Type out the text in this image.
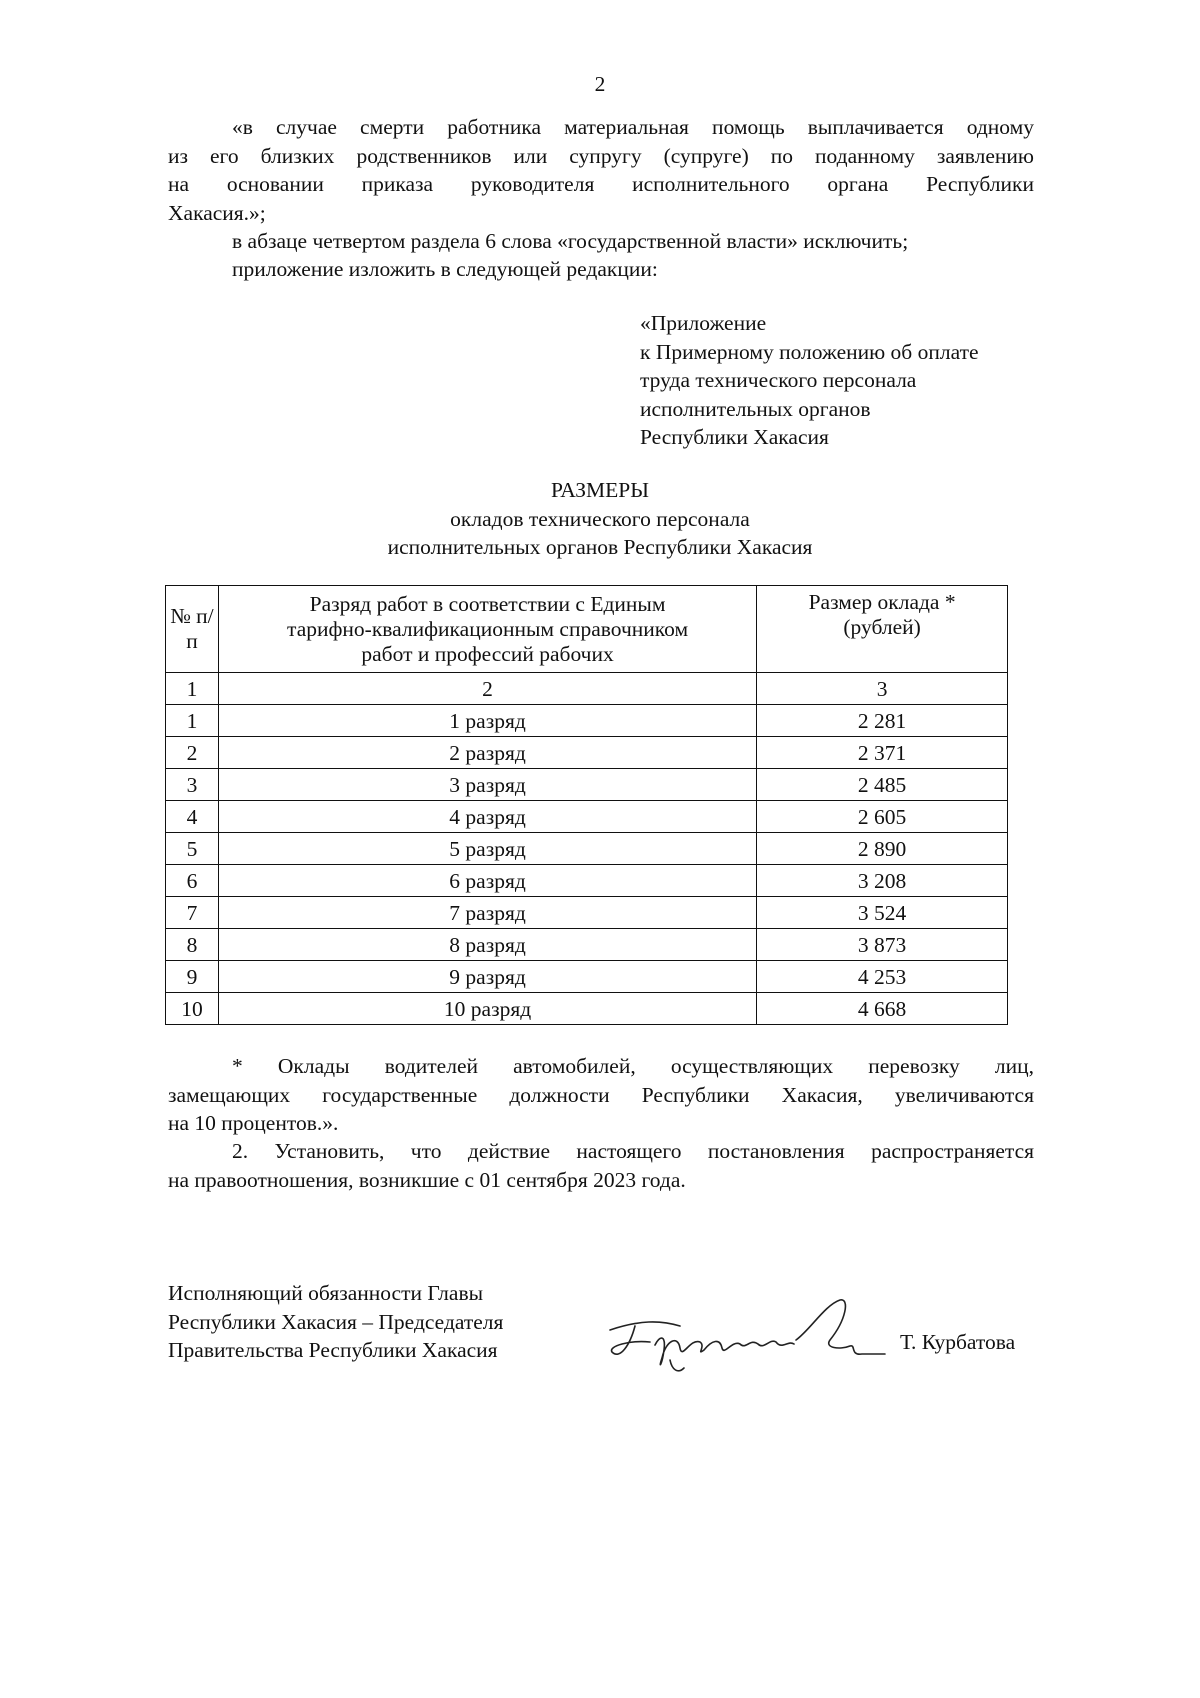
2
«в случае смерти работника материальная помощь выплачивается одному
из его близких родственников или супругу (супруге) по поданному заявлению
на основании приказа руководителя исполнительного органа Республики
Хакасия.»;
в абзаце четвертом раздела 6 слова «государственной власти» исключить;
приложение изложить в следующей редакции:
«Приложение
к Примерному положению об оплате
труда технического персонала
исполнительных органов
Республики Хакасия
РАЗМЕРЫ
окладов технического персонала
исполнительных органов Республики Хакасия
№ п/п	Разряд работ в соответствии с Единым тарифно-квалификационным справочником работ и профессий рабочих	Размер оклада * (рублей)
1	2	3
1	1 разряд	2 281
2	2 разряд	2 371
3	3 разряд	2 485
4	4 разряд	2 605
5	5 разряд	2 890
6	6 разряд	3 208
7	7 разряд	3 524
8	8 разряд	3 873
9	9 разряд	4 253
10	10 разряд	4 668
* Оклады водителей автомобилей, осуществляющих перевозку лиц,
замещающих государственные должности Республики Хакасия, увеличиваются
на 10 процентов.».
2. Установить, что действие настоящего постановления распространяется
на правоотношения, возникшие с 01 сентября 2023 года.
Исполняющий обязанности Главы
Республики Хакасия – Председателя
Правительства Республики Хакасия	Т. Курбатова
